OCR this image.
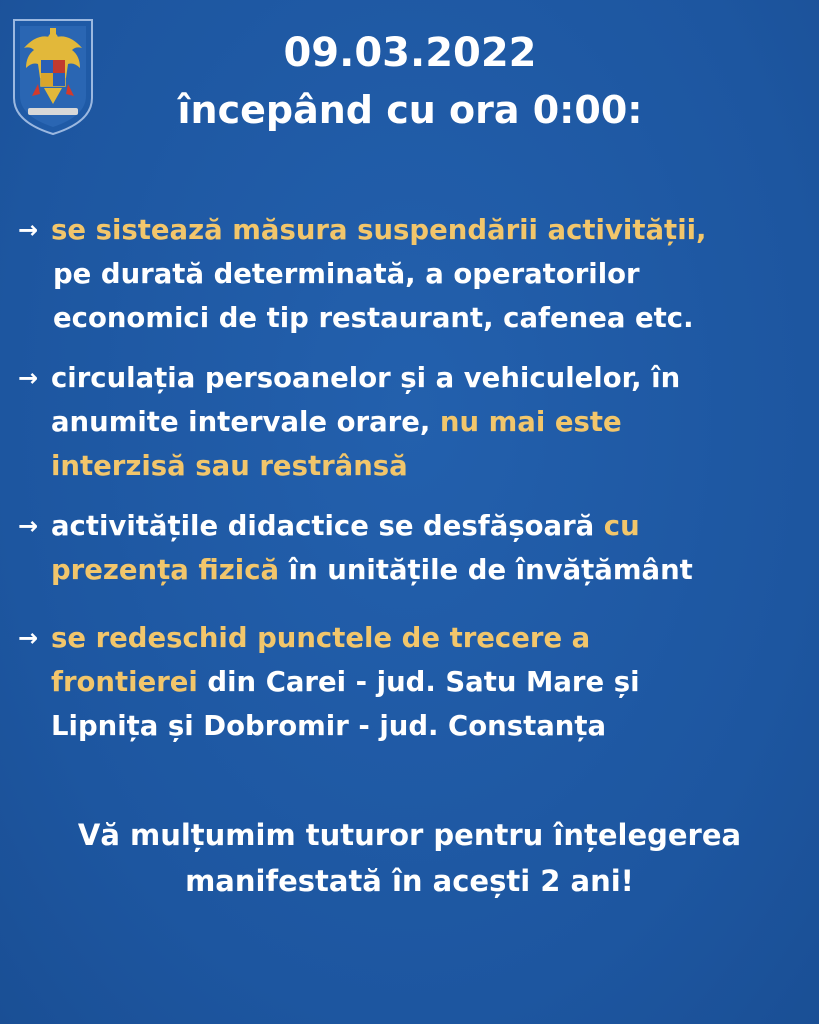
09.03.2022
începând cu ora 0:00:
→ se sistează măsura suspendării activității,
pe durată determinată, a operatorilor
economici de tip restaurant, cafenea etc.
→ circulația persoanelor și a vehiculelor, în
anumite intervale orare, nu mai este
interzisă sau restrânsă
→ activitățile didactice se desfășoară cu
prezența fizică în unitățile de învățământ
→ se redeschid punctele de trecere a
frontierei din Carei - jud. Satu Mare și
Lipnița și Dobromir - jud. Constanța
Vă mulțumim tuturor pentru înțelegerea
manifestată în acești 2 ani!
